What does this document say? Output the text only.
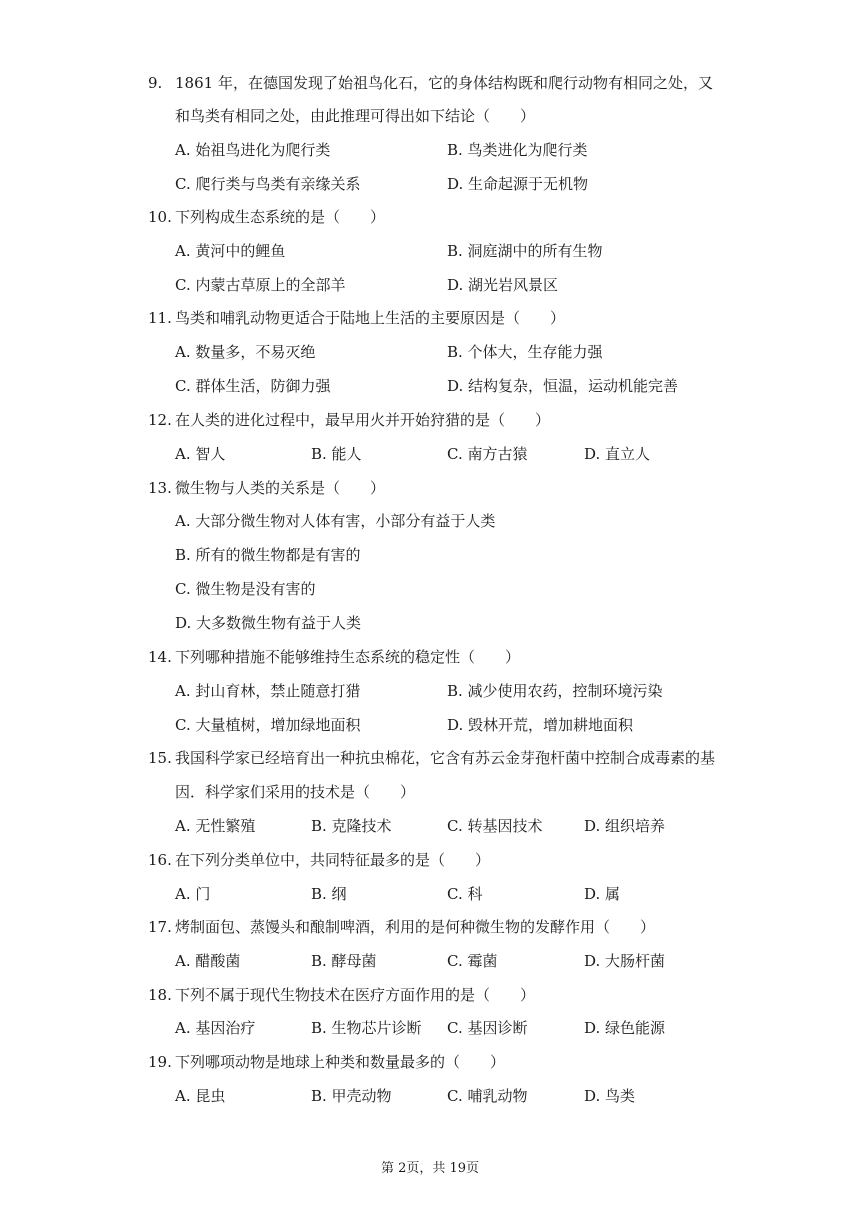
9. 1861 年，在德国发现了始祖鸟化石，它的身体结构既和爬行动物有相同之处，又
和鸟类有相同之处，由此推理可得出如下结论（　　）
A. 始祖鸟进化为爬行类	B. 鸟类进化为爬行类
C. 爬行类与鸟类有亲缘关系	D. 生命起源于无机物
10. 下列构成生态系统的是（　　）
A. 黄河中的鲤鱼	B. 洞庭湖中的所有生物
C. 内蒙古草原上的全部羊	D. 湖光岩风景区
11. 鸟类和哺乳动物更适合于陆地上生活的主要原因是（　　）
A. 数量多，不易灭绝	B. 个体大，生存能力强
C. 群体生活，防御力强	D. 结构复杂，恒温，运动机能完善
12. 在人类的进化过程中，最早用火并开始狩猎的是（　　）
A. 智人	B. 能人	C. 南方古猿	D. 直立人
13. 微生物与人类的关系是（　　）
A. 大部分微生物对人体有害，小部分有益于人类
B. 所有的微生物都是有害的
C. 微生物是没有害的
D. 大多数微生物有益于人类
14. 下列哪种措施不能够维持生态系统的稳定性（　　）
A. 封山育林，禁止随意打猎	B. 减少使用农药，控制环境污染
C. 大量植树，增加绿地面积	D. 毁林开荒，增加耕地面积
15. 我国科学家已经培育出一种抗虫棉花，它含有苏云金芽孢杆菌中控制合成毒素的基
因．科学家们采用的技术是（　　）
A. 无性繁殖	B. 克隆技术	C. 转基因技术	D. 组织培养
16. 在下列分类单位中，共同特征最多的是（　　）
A. 门	B. 纲	C. 科	D. 属
17. 烤制面包、蒸馒头和酿制啤酒，利用的是何种微生物的发酵作用（　　）
A. 醋酸菌	B. 酵母菌	C. 霉菌	D. 大肠杆菌
18. 下列不属于现代生物技术在医疗方面作用的是（　　）
A. 基因治疗	B. 生物芯片诊断 C. 基因诊断	D. 绿色能源
19. 下列哪项动物是地球上种类和数量最多的（　　）
A. 昆虫	B. 甲壳动物	C. 哺乳动物	D. 鸟类
第 2页，共 19页
